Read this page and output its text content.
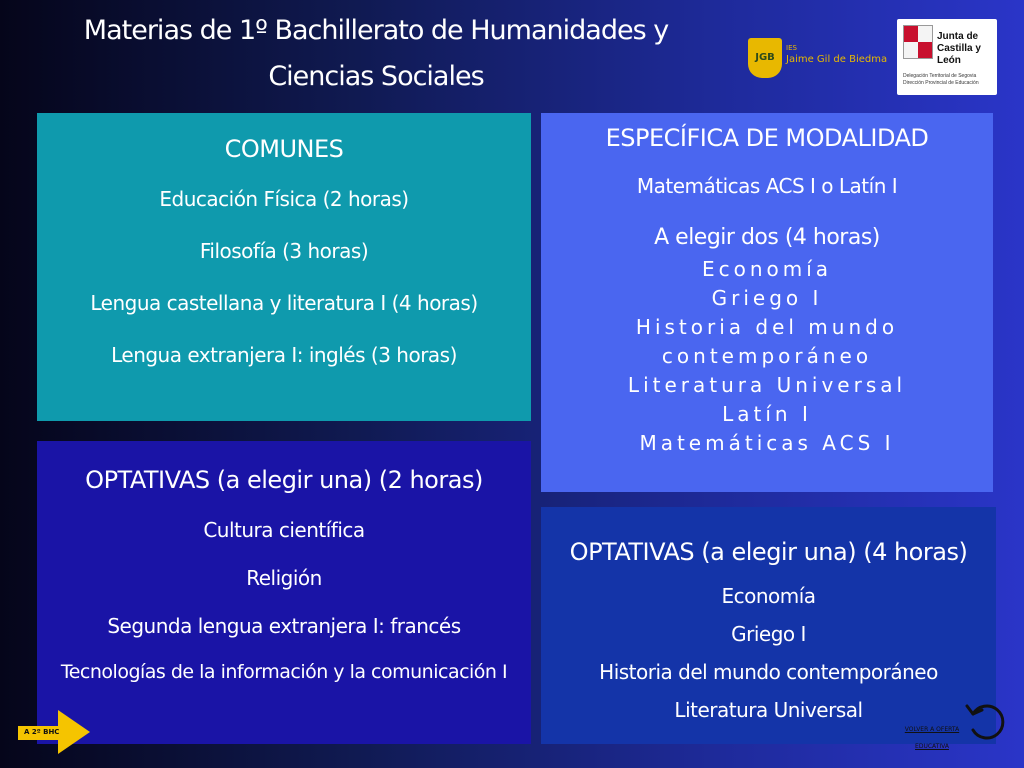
Materias de 1º Bachillerato de Humanidades y
Ciencias Sociales
JGB
IES
Jaime Gil de Biedma
Junta de
Castilla y León
Delegación Territorial de Segovia
Dirección Provincial de Educación
COMUNES
Educación Física (2 horas)
Filosofía (3 horas)
Lengua castellana y literatura I (4 horas)
Lengua extranjera I: inglés (3 horas)
ESPECÍFICA DE MODALIDAD
Matemáticas ACS I o Latín I
A elegir dos (4 horas)
Economía
Griego I
Historia del mundo
contemporáneo
Literatura Universal
Latín I
Matemáticas ACS I
OPTATIVAS (a elegir una) (2 horas)
Cultura científica
Religión
Segunda lengua extranjera I: francés
Tecnologías de la información y la comunicación I
OPTATIVAS (a elegir una) (4 horas)
Economía
Griego I
Historia del mundo contemporáneo
Literatura Universal
A 2º BHC	VOLVER A OFERTA
EDUCATIVA
